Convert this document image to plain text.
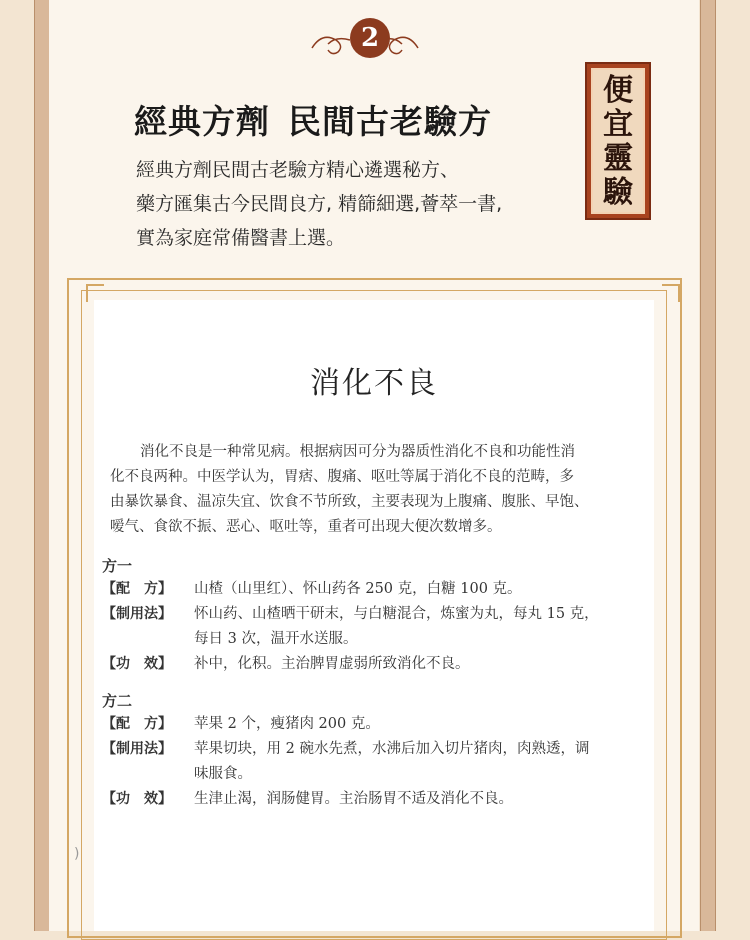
2
經典方劑 民間古老驗方
經典方劑民間古老驗方精心遴選秘方、
藥方匯集古今民間良方, 精篩細選,薈萃一書,
實為家庭常備醫書上選。
便
宜
靈
驗
消化不良
消化不良是一种常见病。根据病因可分为器质性消化不良和功能性消
化不良两种。中医学认为，胃痞、腹痛、呕吐等属于消化不良的范畴，多
由暴饮暴食、温凉失宜、饮食不节所致，主要表现为上腹痛、腹胀、早饱、
嗳气、食欲不振、恶心、呕吐等，重者可出现大便次数增多。
方一
【配　方】	山楂（山里红）、怀山药各 250 克，白糖 100 克。
【制用法】	怀山药、山楂晒干研末，与白糖混合，炼蜜为丸，每丸 15 克，
每日 3 次，温开水送服。
【功　效】	补中，化积。主治脾胃虚弱所致消化不良。
方二
【配　方】	苹果 2 个，瘦猪肉 200 克。
【制用法】	苹果切块，用 2 碗水先煮，水沸后加入切片猪肉，肉熟透，调
味服食。
【功　效】	生津止渴，润肠健胃。主治肠胃不适及消化不良。
)
